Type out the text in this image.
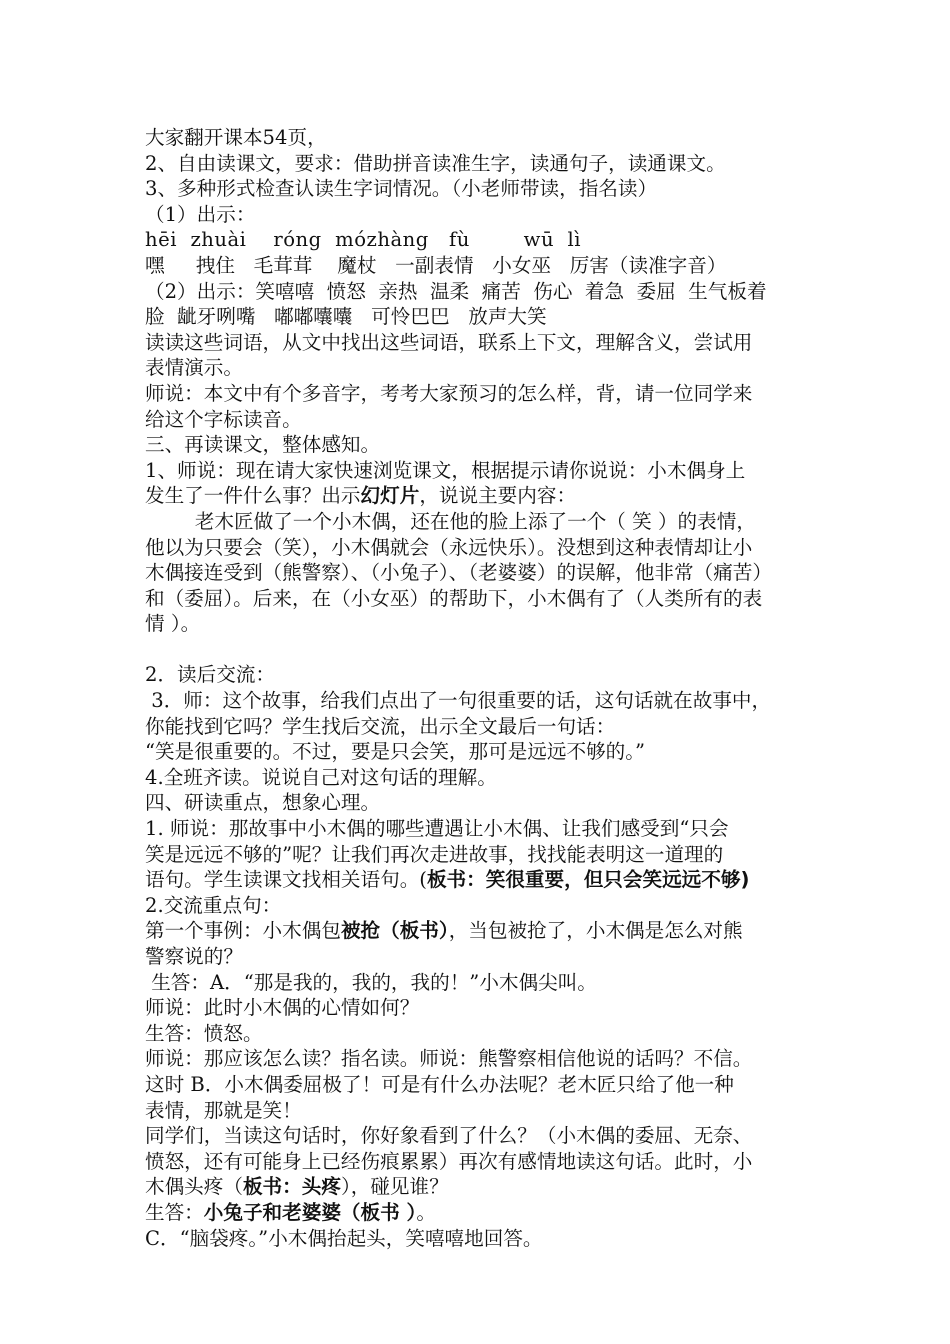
大家翻开课本54页，
2、自由读课文，要求：借助拼音读准生字，读通句子，读通课文。
3、多种形式检查认读生字词情况。（小老师带读，指名读）
（1）出示：
hēi  zhuài    róng  mózhàng   fù        wū  lì
嘿     拽住   毛茸茸    魔杖   一副表情   小女巫   厉害（读准字音）
（2）出示：笑嘻嘻  愤怒  亲热  温柔  痛苦  伤心  着急  委屈  生气板着
脸  龇牙咧嘴   嘟嘟囔囔   可怜巴巴   放声大笑
读读这些词语，从文中找出这些词语，联系上下文，理解含义，尝试用
表情演示。
师说：本文中有个多音字，考考大家预习的怎么样，背，请一位同学来
给这个字标读音。
三、再读课文，整体感知。
1、师说：现在请大家快速浏览课文，根据提示请你说说：小木偶身上
发生了一件什么事？出示幻灯片，说说主要内容：
老木匠做了一个小木偶，还在他的脸上添了一个（ 笑 ）的表情，
他以为只要会（笑），小木偶就会（永远快乐）。没想到这种表情却让小
木偶接连受到（熊警察）、（小兔子）、（老婆婆）的误解，他非常（痛苦）
和（委屈）。后来，在（小女巫）的帮助下，小木偶有了（人类所有的表
情 ）。
2．读后交流：
3．师：这个故事，给我们点出了一句很重要的话，这句话就在故事中，
你能找到它吗？学生找后交流，出示全文最后一句话：
“笑是很重要的。不过，要是只会笑，那可是远远不够的。”
4.全班齐读。说说自己对这句话的理解。
四、研读重点，想象心理。
1. 师说：那故事中小木偶的哪些遭遇让小木偶、让我们感受到“只会
笑是远远不够的”呢？让我们再次走进故事，找找能表明这一道理的
语句。学生读课文找相关语句。(板书：笑很重要，但只会笑远远不够)
2.交流重点句：
第一个事例：小木偶包被抢（板书），当包被抢了，小木偶是怎么对熊
警察说的？
生答：A．“那是我的，我的，我的！”小木偶尖叫。
师说：此时小木偶的心情如何？
生答：愤怒。
师说：那应该怎么读？指名读。师说：熊警察相信他说的话吗？不信。
这时 B．小木偶委屈极了！可是有什么办法呢？老木匠只给了他一种
表情，那就是笑！
同学们，当读这句话时，你好象看到了什么？（小木偶的委屈、无奈、
愤怒，还有可能身上已经伤痕累累）再次有感情地读这句话。此时，小
木偶头疼（板书：头疼），碰见谁？
生答：小兔子和老婆婆（板书 ）。
C．“脑袋疼。”小木偶抬起头，笑嘻嘻地回答。
